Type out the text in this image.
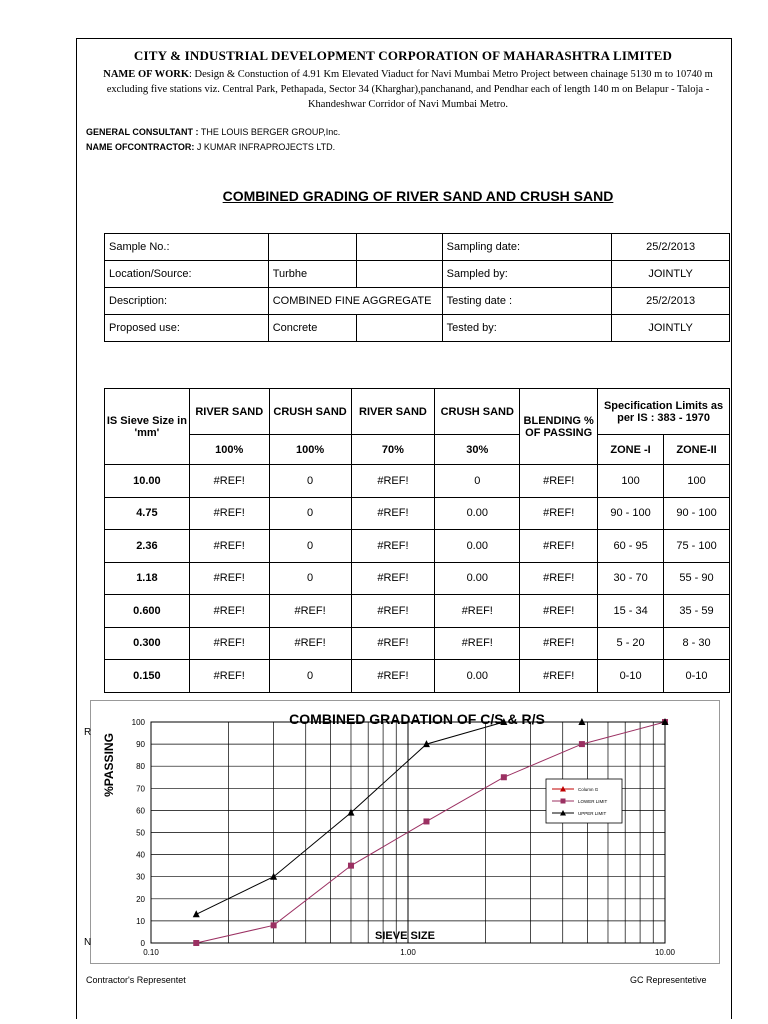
CITY & INDUSTRIAL DEVELOPMENT CORPORATION OF MAHARASHTRA LIMITED
NAME OF WORK: Design & Constuction of 4.91 Km Elevated Viaduct for Navi Mumbai Metro Project between chainage 5130 m to 10740 m excluding five stations viz. Central Park, Pethapada, Sector 34 (Kharghar),panchanand, and Pendhar each of length 140 m on Belapur - Taloja - Khandeshwar Corridor of Navi Mumbai Metro.
GENERAL CONSULTANT : THE LOUIS BERGER GROUP,Inc.
NAME OFCONTRACTOR: J KUMAR INFRAPROJECTS LTD.
COMBINED GRADING OF RIVER SAND AND CRUSH SAND
Sample No.:			Sampling date:	25/2/2013
Location/Source:	Turbhe		Sampled by:	JOINTLY
Description:	COMBINED FINE AGGREGATE		Testing date :	25/2/2013
Proposed use:	Concrete		Tested by:	JOINTLY
IS Sieve Size in 'mm'	RIVER SAND	CRUSH SAND	RIVER SAND	CRUSH SAND	BLENDING % OF PASSING	Specification Limits as per IS : 383 - 1970	
	100%	100%	70%	30%		ZONE -I	ZONE-II
10.00	#REF!	0	#REF!	0	#REF!	100	100
4.75	#REF!	0	#REF!	0.00	#REF!	90 - 100	90 - 100
2.36	#REF!	0	#REF!	0.00	#REF!	60 - 95	75 - 100
1.18	#REF!	0	#REF!	0.00	#REF!	30 - 70	55 - 90
0.600	#REF!	#REF!	#REF!	#REF!	#REF!	15 - 34	35 - 59
0.300	#REF!	#REF!	#REF!	#REF!	#REF!	5 - 20	8 - 30
0.150	#REF!	0	#REF!	0.00	#REF!	0-10	0-10
0
10
20
30
40
50
60
70
80
90
100
0.10	1.00	10.00
COMBINED GRADATION OF C/S & R/S
%PASSING
SIEVE SIZE
Column G
LOWER LIMIT
UPPER LIMIT
R
N
Contractor's Representet	GC Representetive
